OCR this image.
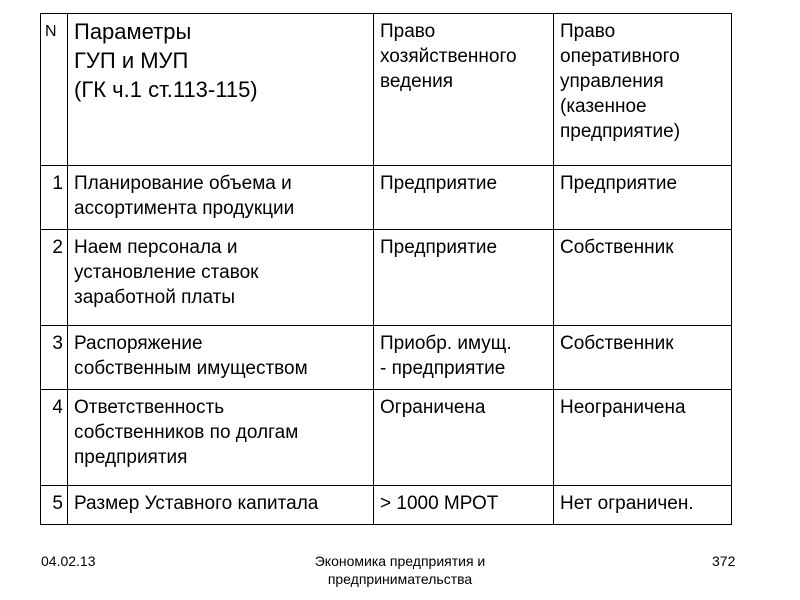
N	Параметры
ГУП и МУП
(ГК ч.1 ст.113-115)	Право
хозяйственного
ведения	Право
оперативного
управления
(казенное
предприятие)

1	Планирование объема и
ассортимента продукции	Предприятие	Предприятие

2	Наем персонала и
установление ставок
заработной платы	Предприятие	Собственник

3	Распоряжение
собственным имуществом	Приобр. имущ.
- предприятие	Собственник

4	Ответственность
собственников по долгам
предприятия	Ограничена	Неограничена

5	Размер Уставного капитала	> 1000 МРОТ	Нет ограничен.
04.02.13	Экономика предприятия и
предпринимательства
372
